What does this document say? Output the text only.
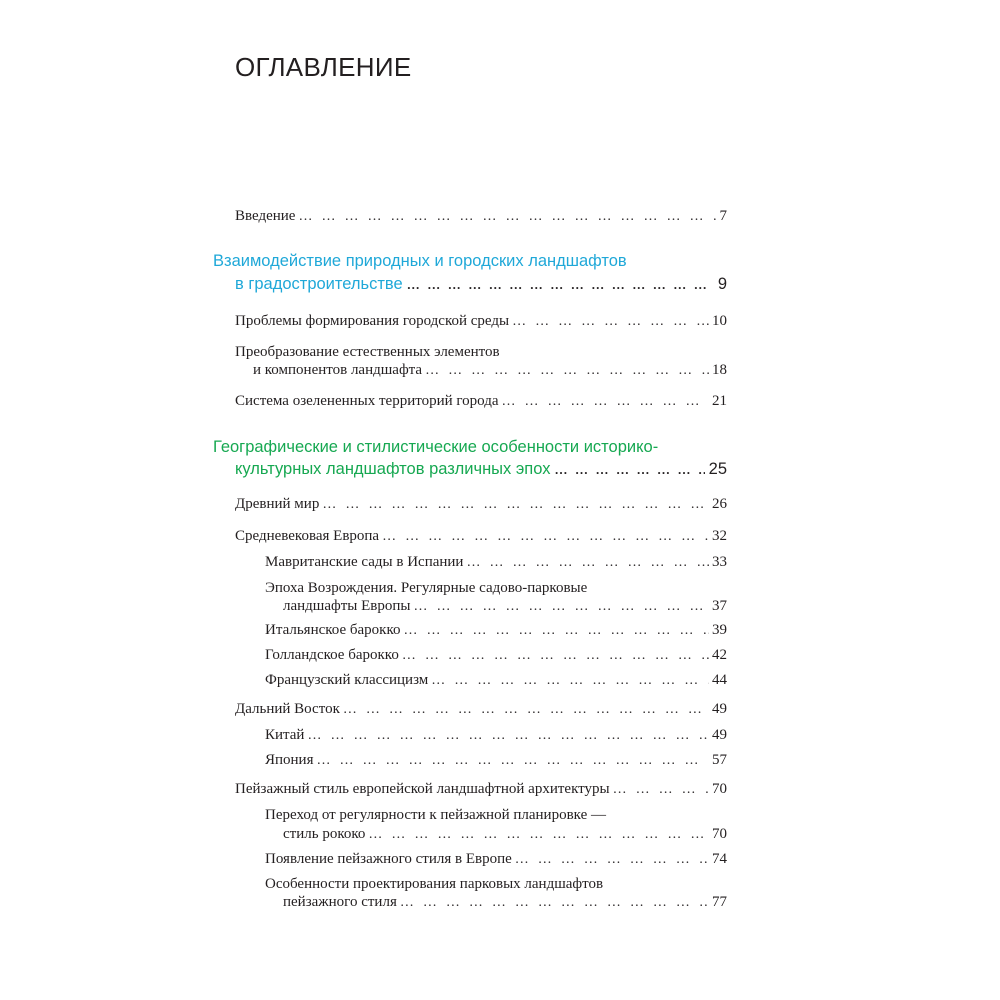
ОГЛАВЛЕНИЕ
Введение … … … … … … … … … … … … … … … … … … … … … … … … … … … … … … … … … … … … … … … … …	7
Взаимодействие природных и городских ландшафтов
в градостроительстве … … … … … … … … … … … … … … … … … … … … … … … … … … … … … … …	9
Проблемы формирования городской среды … … … … … … … … … … … … … … … … … … … … … … … … … … … … … … … … … … … … … … … … …	10
Преобразование естественных элементов
и компонентов ландшафта … … … … … … … … … … … … … … … … … … … … … … … … … … … … … … … … … … … … … … … … …	18
Система озелененных территорий города … … … … … … … … … … … … … … … … … … … … … … … … … … … … … … … … … … … … … … … … …	21
Географические и стилистические особенности историко-
культурных ландшафтов различных эпох … … … … … … … … … … … … … … … … … … … … … … … … … … … … … … …	25
Древний мир … … … … … … … … … … … … … … … … … … … … … … … … … … … … … … … … … … … … … … … … …	26
Средневековая Европа … … … … … … … … … … … … … … … … … … … … … … … … … … … … … … … … … … … … … … … … …	32
Мавританские сады в Испании … … … … … … … … … … … … … … … … … … … … … … … … … … … … … … … … … … … … … … … … …	33
Эпоха Возрождения. Регулярные садово-парковые
ландшафты Европы … … … … … … … … … … … … … … … … … … … … … … … … … … … … … … … … … … … … … … … … …	37
Итальянское барокко … … … … … … … … … … … … … … … … … … … … … … … … … … … … … … … … … … … … … … … … …	39
Голландское барокко … … … … … … … … … … … … … … … … … … … … … … … … … … … … … … … … … … … … … … … … …	42
Французский классицизм … … … … … … … … … … … … … … … … … … … … … … … … … … … … … … … … … … … … … … … … …	44
Дальний Восток … … … … … … … … … … … … … … … … … … … … … … … … … … … … … … … … … … … … … … … … …	49
Китай … … … … … … … … … … … … … … … … … … … … … … … … … … … … … … … … … … … … … … … … …	49
Япония … … … … … … … … … … … … … … … … … … … … … … … … … … … … … … … … … … … … … … … … …	57
Пейзажный стиль европейской ландшафтной архитектуры … … … … … … … … … … … … … … … … … … … … … … … … … … … … … … … … … … … … … … … … …	70
Переход от регулярности к пейзажной планировке —
стиль рококо … … … … … … … … … … … … … … … … … … … … … … … … … … … … … … … … … … … … … … … … …	70
Появление пейзажного стиля в Европе … … … … … … … … … … … … … … … … … … … … … … … … … … … … … … … … … … … … … … … … …	74
Особенности проектирования парковых ландшафтов
пейзажного стиля … … … … … … … … … … … … … … … … … … … … … … … … … … … … … … … … … … … … … … … … …	77
